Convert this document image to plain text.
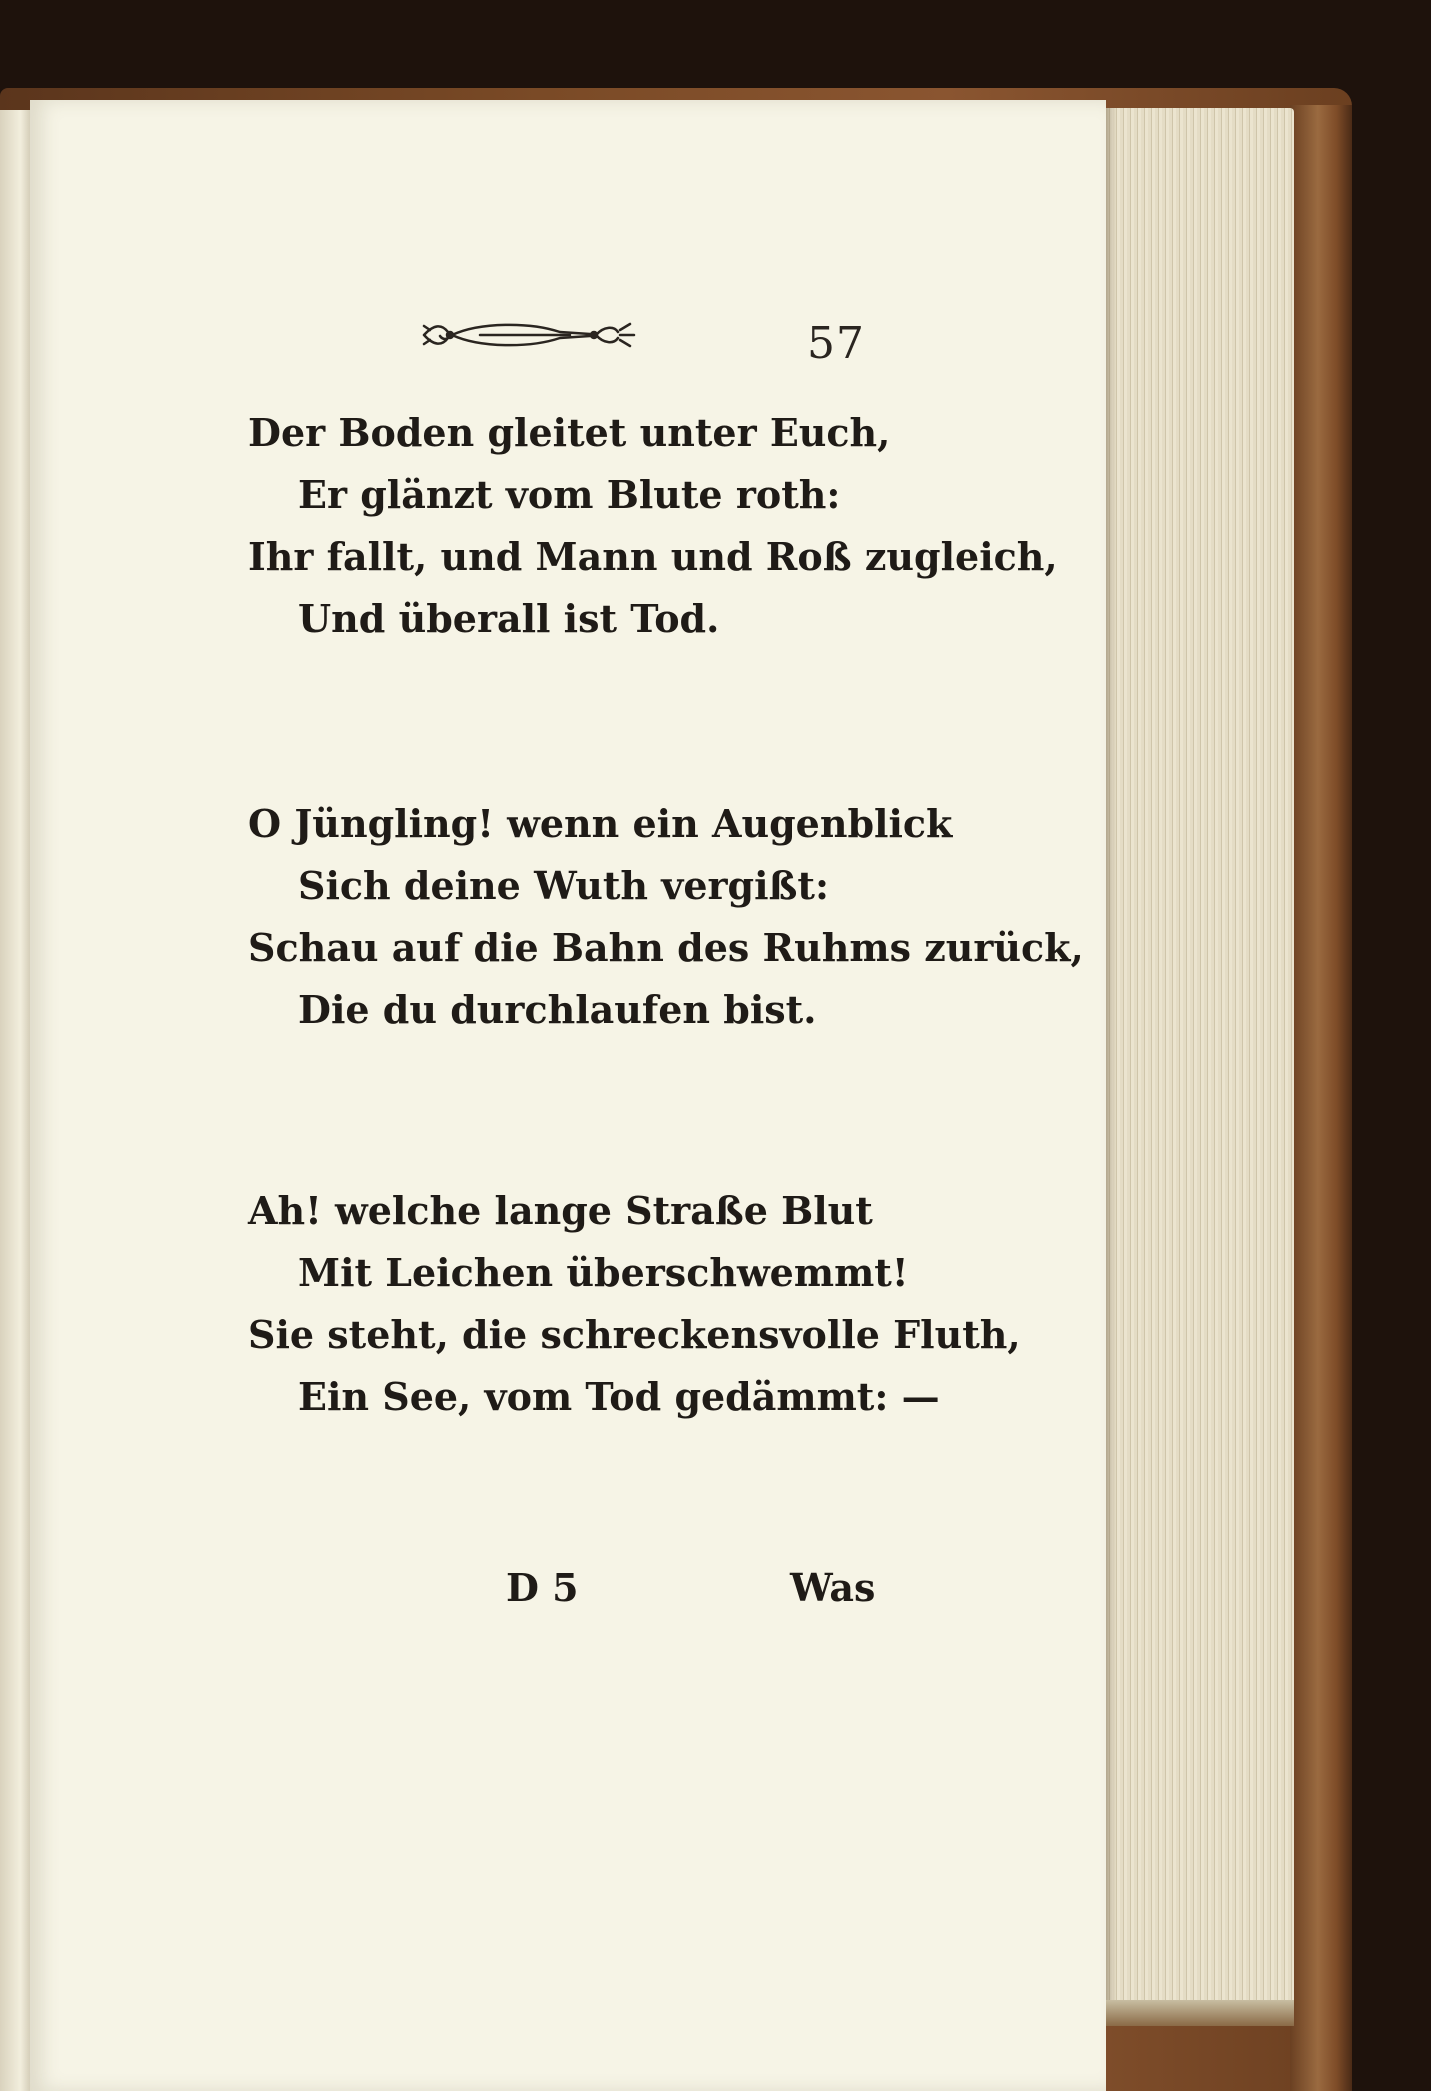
57
Der Boden gleitet unter Euch,
Er glänzt vom Blute roth:
Ihr fallt, und Mann und Roß zugleich,
Und überall ist Tod.
O Jüngling! wenn ein Augenblick
Sich deine Wuth vergißt:
Schau auf die Bahn des Ruhms zurück,
Die du durchlaufen bist.
Ah! welche lange Straße Blut
Mit Leichen überschwemmt!
Sie steht, die schreckensvolle Fluth,
Ein See, vom Tod gedämmt: —
D 5	Was
